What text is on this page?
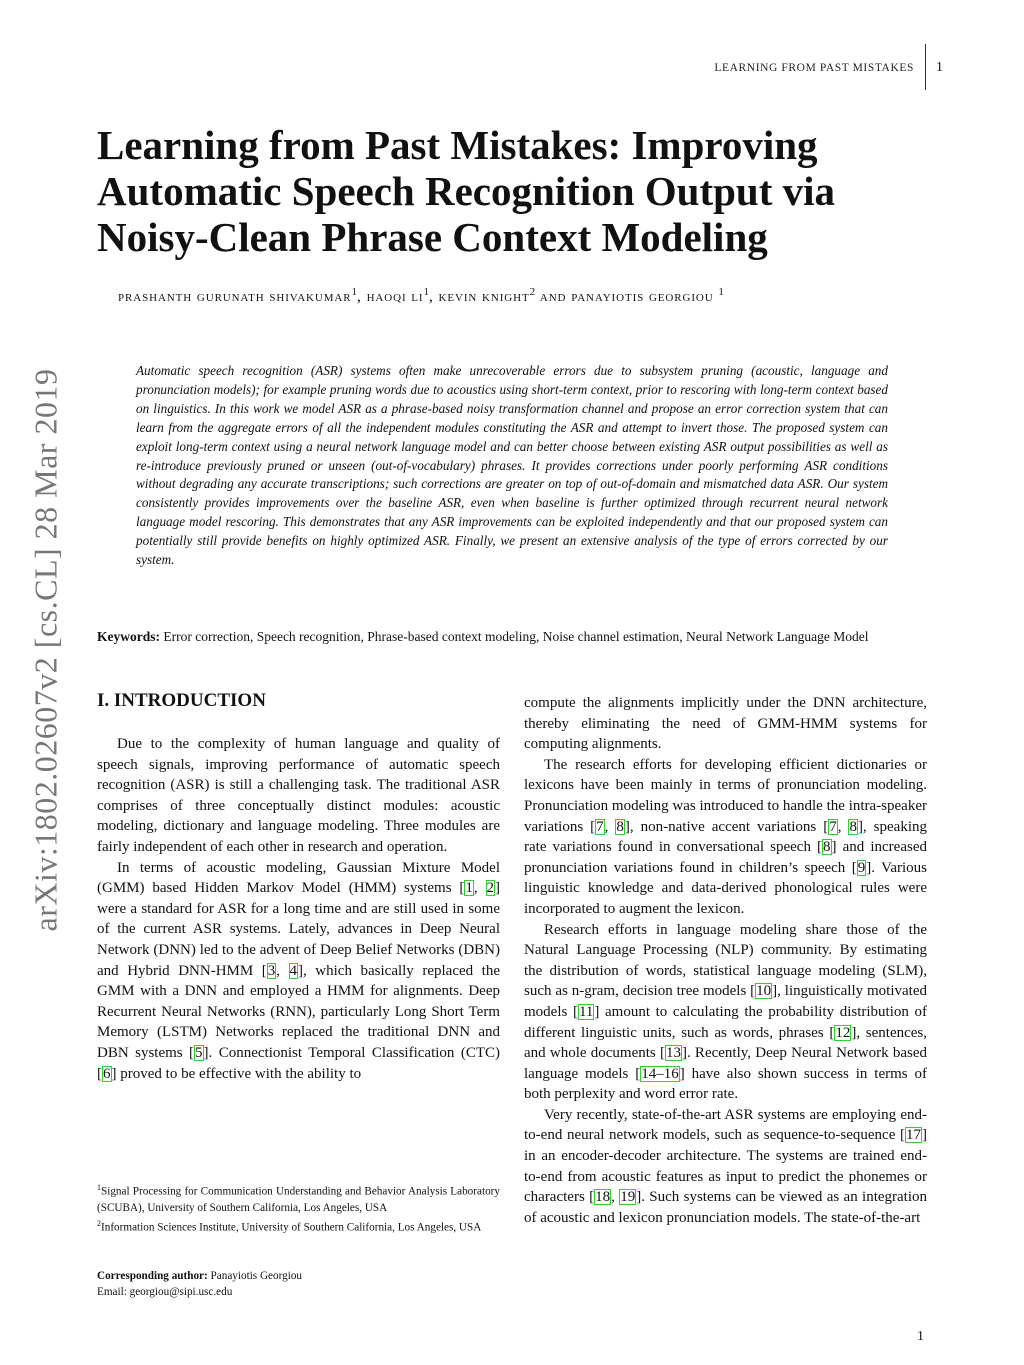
LEARNING FROM PAST MISTAKES 1
Learning from Past Mistakes: Improving Automatic Speech Recognition Output via Noisy-Clean Phrase Context Modeling
prashanth gurunath shivakumar$^1$, haoqi $li^1$, kevin knight$^2$ and panayiotis georgiou $^1$
Automatic speech recognition (ASR) systems often make unrecoverable errors due to subsystem pruning (acoustic, language and pronunciation models); for example pruning words due to acoustics using short-term context, prior to rescoring with long-term context based on linguistics. In this work we model ASR as a phrase-based noisy transformation channel and propose an error correction system that can learn from the aggregate errors of all the independent modules constituting the ASR and attempt to invert those. The proposed system can exploit long-term context using a neural network language model and can better choose between existing ASR output possibilities as well as re-introduce previously pruned or unseen (out-of-vocabulary) phrases. It provides corrections under poorly performing ASR conditions without degrading any accurate transcriptions; such corrections are greater on top of out-of-domain and mismatched data ASR. Our system consistently provides improvements over the baseline ASR, even when baseline is further optimized through recurrent neural network language model rescoring. This demonstrates that any ASR improvements can be exploited independently and that our proposed system can potentially still provide benefits on highly optimized ASR. Finally, we present an extensive analysis of the type of errors corrected by our system.
Keywords: Error correction, Speech recognition, Phrase-based context modeling, Noise channel estimation, Neural Network Language Model
arXiv:1802.02607v2 [cs.CL] 28 Mar 2019 I. INTRODUCTION

Due to the complexity of human language and quality of speech signals, improving performance of automatic speech recognition (ASR) is still a challenging task. The traditional ASR comprises of three conceptually distinct modules: acoustic modeling, dictionary and language modeling. Three modules are fairly independent of each other in research and operation.

In terms of acoustic modeling, Gaussian Mixture Model (GMM) based Hidden Markov Model (HMM) systems [1, 2] were a standard for ASR for a long time and are still used in some of the current ASR systems. Lately, advances in Deep Neural Network (DNN) led to the advent of Deep Belief Networks (DBN) and Hybrid DNN-HMM [3, 4], which basically replaced the GMM with a DNN and employed a HMM for alignments. Deep Recurrent Neural Networks (RNN), particularly Long Short Term Memory (LSTM) Networks replaced the traditional DNN and DBN systems [5]. Connectionist Temporal Classification (CTC) [6] proved to be effective with the ability to

compute the alignments implicitly under the DNN architecture, thereby eliminating the need of GMM-HMM systems for computing alignments.

The research efforts for developing efficient dictionaries or lexicons have been mainly in terms of pronunciation modeling. Pronunciation modeling was introduced to handle the intra-speaker variations [7, 8], non-native accent variations [7, 8], speaking rate variations found in conversational speech [8] and increased pronunciation variations found in children’s speech [9]. Various linguistic knowledge and data-derived phonological rules were incorporated to augment the lexicon.

Research efforts in language modeling share those of the Natural Language Processing (NLP) community. By estimating the distribution of words, statistical language modeling (SLM), such as n-gram, decision tree models [10], linguistically motivated models [11] amount to calculating the probability distribution of different linguistic units, such as words, phrases [12], sentences, and whole documents [13]. Recently, Deep Neural Network based language models [14–16] have also shown success in terms of both perplexity and word error rate.

Very recently, state-of-the-art ASR systems are employing end-to-end neural network models, such as sequence-to-sequence [17] in an encoder-decoder architecture. The systems are trained end-to-end from acoustic features as input to predict the phonemes or characters [18, 19]. Such systems can be viewed as an integration of acoustic and lexicon pronunciation models. The state-of-the-art

$^1$Signal Processing for Communication Understanding and Behavior Analysis Laboratory (SCUBA), University of Southern California, Los Angeles, USA

$^2$Information Sciences Institute, University of Southern California, Los Angeles, USA

Corresponding author: Panayiotis Georgiou

Email: georgiou@sipi.usc.edu

1
